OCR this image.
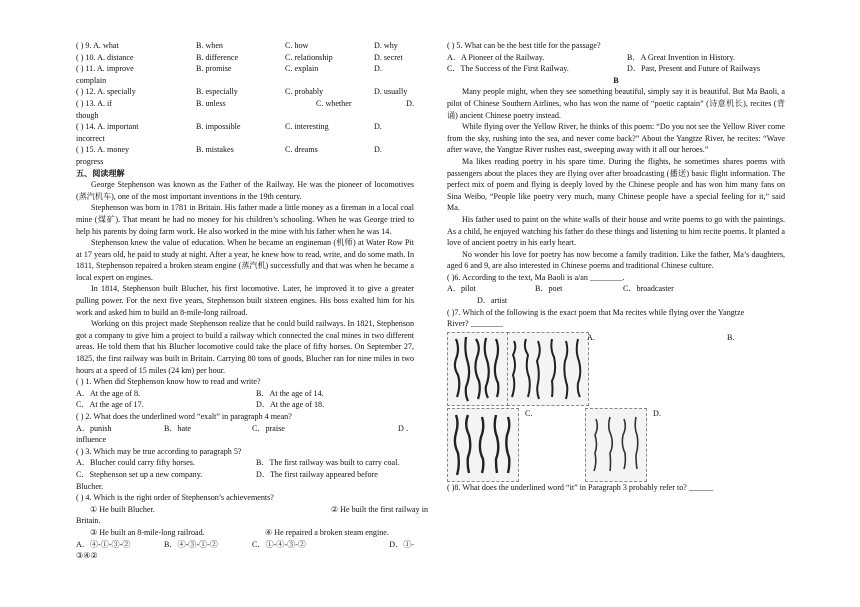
( ) 9. A. what	B. when	C. how	D. why
( ) 10. A. distance	B. difference	C. relationship	D. secret
( ) 11. A. improve	B. promise	C. explain	D.
complain
( ) 12. A. specially	B. especially	C. probably	D. usually
( ) 13. A. if	B. unless	C. whether	D.
though
( ) 14. A. important	B. impossible	C. interesting	D.
incorrect
( ) 15. A. money	B. mistakes	C. dreams	D.
progress
五、阅读理解

George Stephenson was known as the Father of the Railway. He was the pioneer of locomotives (蒸汽机车), one of the most important inventions in the 19th century.

Stephenson was born in 1781 in Britain. His father made a little money as a fireman in a local coal mine (煤矿). That meant he had no money for his children’s schooling. When he was George tried to help his parents by doing farm work. He also worked in the mine with his father when he was 14.

Stephenson knew the value of education. When he became an engineman (机师) at Water Row Pit at 17 years old, he paid to study at night. After a year, he knew how to read, write, and do some math. In 1811, Stephenson repaired a broken steam engine (蒸汽机) successfully and that was when he became a local expert on engines.

In 1814, Stephenson built Blucher, his first locomotive. Later, he improved it to give a greater pulling power. For the next five years, Stephenson built sixteen engines. His boss exalted him for his work and asked him to build an 8-mile-long railroad.

Working on this project made Stephenson realize that he could build railways. In 1821, Stephenson got a company to give him a project to build a railway which connected the coal mines in two different areas. He told them that his Blucher locomotive could take the place of fifty horses. On September 27, 1825, the first railway was built in Britain. Carrying 80 tons of goods, Blucher ran for nine miles in two hours at a speed of 15 miles (24 km) per hour.

( ) 1. When did Stephenson know how to read and write?
A．At the age of 8.	B．At the age of 14.
C．At the age of 17.	D．At the age of 18.
( ) 2. What does the underlined word “exalt” in paragraph 4 mean?
A．punish	B．hate	C．praise	D ．
influence
( ) 3. Which may be true according to paragraph 5?
A．Blucher could carry fifty horses.	B．The first railway was built to carry coal.
C．Stephenson set up a new company.	D．The first railway appeared before
Blucher.
( ) 4. Which is the right order of Stephenson’s achievements?
① He built Blucher.	② He built the first railway in
Britain.
③ He built an 8-mile-long railroad.	④ He repaired a broken steam engine.
A．④-①-③-②	B．④-③-①-②	C．①-④-③-②	D．①-
③④②
( ) 5. What can be the best title for the passage?
A．A Pioneer of the Railway.	B．A Great Invention in History.
C．The Success of the First Railway.	D．Past, Present and Future of Railways
B

Many people might, when they see something beautiful, simply say it is beautiful. But Ma Baoli, a pilot of Chinese Southern Airlines, who has won the name of “poetic captain” (诗意机长), recites (背诵) ancient Chinese poetry instead.

While flying over the Yellow River, he thinks of this poem: “Do you not see the Yellow River come from the sky, rushing into the sea, and never come back?” About the Yangtze River, he recites: “Wave after wave, the Yangtze River rushes east, sweeping away with it all our heroes.”

Ma likes reading poetry in his spare time. During the flights, he sometimes shares poems with passengers about the places they are flying over after broadcasting (播送) basic flight information. The perfect mix of poem and flying is deeply loved by the Chinese people and has won him many fans on Sina Weibo, “People like poetry very much, many Chinese people have a special feeling for it,” said Ma.

His father used to paint on the white walls of their house and write poems to go with the paintings. As a child, he enjoyed watching his father do these things and listening to him recite poems. It planted a love of ancient poetry in his early heart.

No wonder his love for poetry has now become a family tradition. Like the father, Ma’s daughters, aged 6 and 9, are also interested in Chinese poems and traditional Chinese culture.

( )6. According to the text, Ma Baoli is a/an ________.
A．pilot	B．poet	C．broadcaster
D．artist
( )7. Which of the following is the exact poem that Ma recites while flying over the Yangtze
River? ________
A.	B.
C.	D.
( )8. What does the underlined word “it” in Paragraph 3 probably refer to? ______
